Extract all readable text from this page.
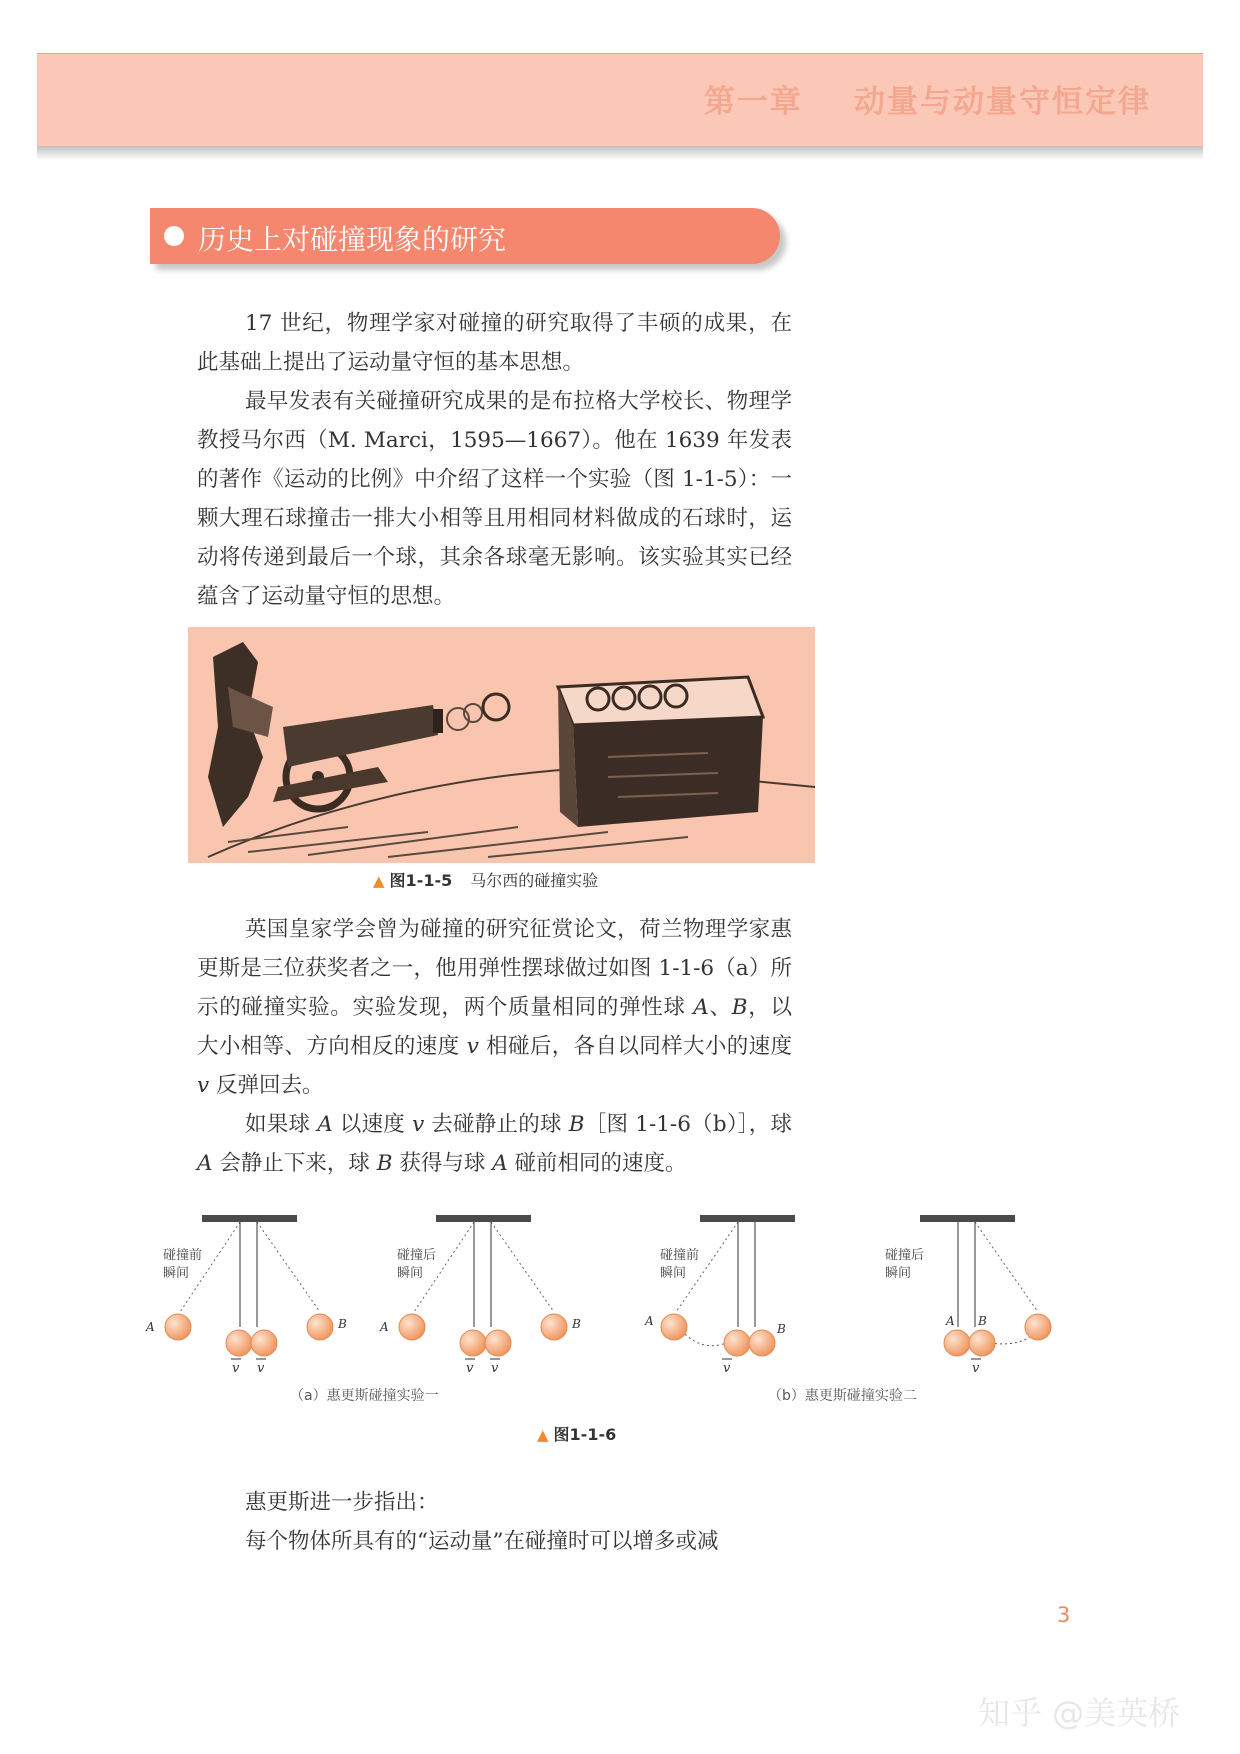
第一章    动量与动量守恒定律
历史上对碰撞现象的研究

17 世纪，物理学家对碰撞的研究取得了丰硕的成果，在此基础上提出了运动量守恒的基本思想。

最早发表有关碰撞研究成果的是布拉格大学校长、物理学教授马尔西（M. Marci，1595—1667）。他在 1639 年发表的著作《运动的比例》中介绍了这样一个实验（图 1-1-5）：一颗大理石球撞击一排大小相等且用相同材料做成的石球时，运动将传递到最后一个球，其余各球毫无影响。该实验其实已经蕴含了运动量守恒的思想。

▲ 图1-1-5 马尔西的碰撞实验

英国皇家学会曾为碰撞的研究征赏论文，荷兰物理学家惠更斯是三位获奖者之一，他用弹性摆球做过如图 1-1-6（a）所示的碰撞实验。实验发现，两个质量相同的弹性球 A、B，以大小相等、方向相反的速度 v 相碰后，各自以同样大小的速度 v 反弹回去。

如果球 A 以速度 v 去碰静止的球 B［图 1-1-6（b）］，球 A 会静止下来，球 B 获得与球 A 碰前相同的速度。

碰撞前
瞬间
A	B
v v
碰撞后
瞬间
A	B
v v
碰撞前
瞬间
A
B
v
碰撞后
瞬间
A B
v
（a）惠更斯碰撞实验一	（b）惠更斯碰撞实验二
▲ 图1-1-6

惠更斯进一步指出：

每个物体所具有的“运动量”在碰撞时可以增多或减

3
知乎 @美英桥
